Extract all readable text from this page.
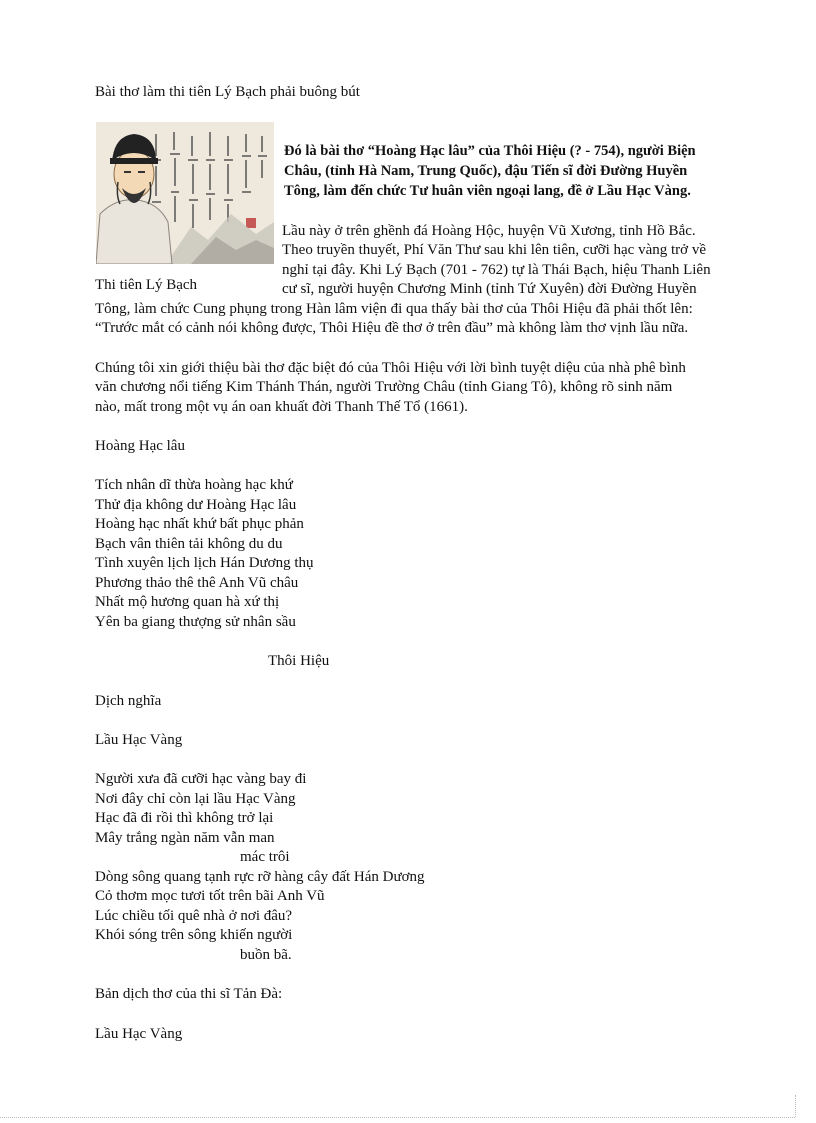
Bài thơ làm thi tiên Lý Bạch phải buông bút
Thi tiên Lý Bạch
Đó là bài thơ “Hoàng Hạc lâu” của Thôi Hiệu (? - 754), người Biện
Châu, (tỉnh Hà Nam, Trung Quốc), đậu Tiến sĩ đời Đường Huyền
Tông, làm đến chức Tư huân viên ngoại lang, đề ở Lầu Hạc Vàng.
Lầu này ở trên ghềnh đá Hoàng Hộc, huyện Vũ Xương, tỉnh Hồ Bắc.
Theo truyền thuyết, Phí Văn Thư sau khi lên tiên, cưỡi hạc vàng trở về
nghỉ tại đây. Khi Lý Bạch (701 - 762) tự là Thái Bạch, hiệu Thanh Liên
cư sĩ, người huyện Chương Minh (tỉnh Tứ Xuyên) đời Đường Huyền
Tông, làm chức Cung phụng trong Hàn lâm viện đi qua thấy bài thơ của Thôi Hiệu đã phải thốt lên:
“Trước mắt có cảnh nói không được, Thôi Hiệu đề thơ ở trên đầu” mà không làm thơ vịnh lầu nữa.
Chúng tôi xin giới thiệu bài thơ đặc biệt đó của Thôi Hiệu với lời bình tuyệt diệu của nhà phê bình
văn chương nổi tiếng Kim Thánh Thán, người Trường Châu (tỉnh Giang Tô), không rõ sinh năm
nào, mất trong một vụ án oan khuất đời Thanh Thế Tổ (1661).
Hoàng Hạc lâu
Tích nhân dĩ thừa hoàng hạc khứ
Thử địa không dư Hoàng Hạc lâu
Hoàng hạc nhất khứ bất phục phản
Bạch vân thiên tải không du du
Tình xuyên lịch lịch Hán Dương thụ
Phương thảo thê thê Anh Vũ châu
Nhất mộ hương quan hà xứ thị
Yên ba giang thượng sử nhân sầu
Thôi Hiệu
Dịch nghĩa
Lầu Hạc Vàng
Người xưa đã cưỡi hạc vàng bay đi
Nơi đây chỉ còn lại lầu Hạc Vàng
Hạc đã đi rồi thì không trở lại
Mây trắng ngàn năm vẫn man
mác trôi
Dòng sông quang tạnh rực rỡ hàng cây đất Hán Dương
Cỏ thơm mọc tươi tốt trên bãi Anh Vũ
Lúc chiều tối quê nhà ở nơi đâu?
Khói sóng trên sông khiến người
buồn bã.
Bản dịch thơ của thi sĩ Tản Đà:
Lầu Hạc Vàng
